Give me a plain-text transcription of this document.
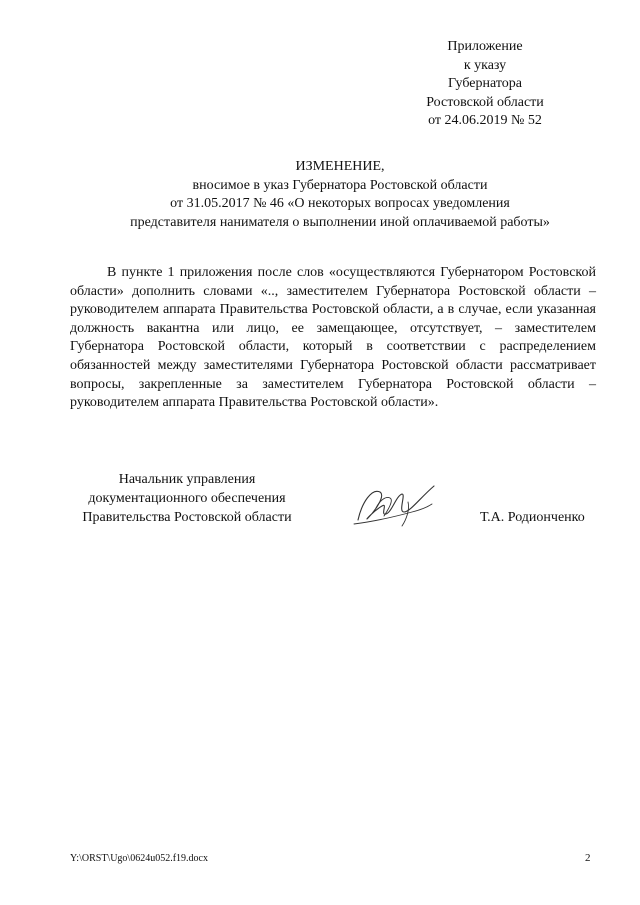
Приложение
к указу
Губернатора
Ростовской области
от 24.06.2019 № 52
ИЗМЕНЕНИЕ,
вносимое в указ Губернатора Ростовской области
от 31.05.2017 № 46 «О некоторых вопросах уведомления
представителя нанимателя о выполнении иной оплачиваемой работы»

В пункте 1 приложения после слов «осуществляются Губернатором Ростовской области» дополнить словами «.., заместителем Губернатора Ростовской области – руководителем аппарата Правительства Ростовской области, а в случае, если указанная должность вакантна или лицо, ее замещающее, отсутствует, – заместителем Губернатора Ростовской области, который в соответствии с распределением обязанностей между заместителями Губернатора Ростовской области рассматривает вопросы, закрепленные за заместителем Губернатора Ростовской области – руководителем аппарата Правительства Ростовской области».

Начальник управления
документационного обеспечения
Правительства Ростовской области	Т.А. Родионченко
Y:\ORST\Ugo\0624u052.f19.docx	2
